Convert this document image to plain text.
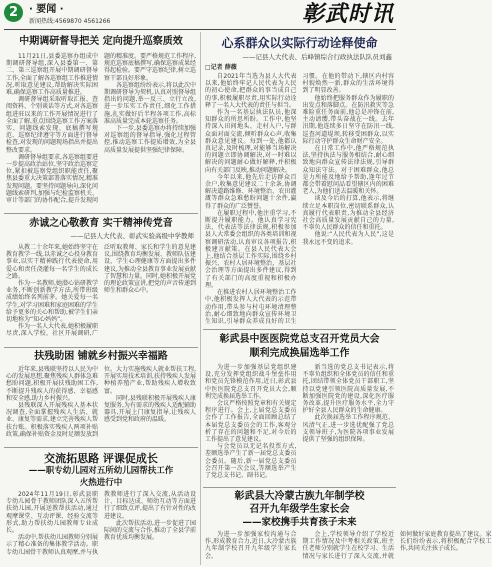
2	· 要闻 ·
新闻热线:4569870 4561266	彰武时讯
中期调研督导把关 定向提升巡察质效

11月21日,县委巡察办组成中期调研督导组,深入县委第一、第二、第三巡察组开展中期调研督导工作,全面了解各巡察组工作推进情况,听取意见建议,帮助解决实际困难,确保巡察工作高质量推进。

调研督导组采取听取汇报、查阅资料、个别谈话等方式,对各巡察组进驻以来的工作开展情况进行了全面了解,重点围绕巡察工作方案落实、问题线索发现、底稿撰写规范、巡察纪律遵守等方面进行督导检查,对发现的问题现场指出并提出整改要求。

调研督导组要求,各巡察组要进一步提高政治站位,坚守政治巡察定位,紧扣被巡察党组织职能责任,聚焦县委重大决策部署落实情况,精准发现问题。要坚持问题导向,深化问题线索研判,加强与纪检监察机关、审计等部门的协作配合,提升发现问题的精准度。要严格规范工作程序,规范巡察底稿撰写,确保巡察成果经得起检验。要严守巡察纪律,树立巡察干部良好形象。

各巡察组纷纷表示,将以此次中期调研督导为契机,认真对照督导组指出的问题,举一反三、立行立改,进一步压实工作责任,细化工作措施,扎实做好后半程各项工作,高标准高质量完成本轮巡察任务。

下一步,县委巡察办将持续加强对巡察组的督导指导,强化过程管控,推动巡察工作提质增效,为全县高质量发展提供坚强纪律保障。

心系群众以实际行动诠释使命
——记县人大代表、后峰镇综合行政执法队队员刘鑫
□记者 薛薇

自2021年当选为县人大代表以来,他始终牢记人民代表为人民的初心使命,把群众的事当成自己的事,积极履职尽责,用实际行动诠释了一名人大代表的责任与担当。

作为一名基层执法队员,他深知群众的所思所盼。工作中,他坚持深入田间地头、走村入户,与群众面对面交流,倾听群众心声,收集群众意见建议。每到一处,他都认真记录,及时梳理,对能够当场解决的问题立即协调解决,对一时难以解决的问题耐心做好解释,并积极向有关部门反映,推动问题解决。

今年以来,他先后走访群众百余户,收集意见建议二十余条,协调解决道路维修、环境整治、农田灌溉等群众急难愁盼问题十余件,赢得了群众的广泛赞誉。

在履职过程中,他注重学习,不断提升履职能力。他认真学习宪法、代表法等法律法规,积极参加县人大常委会组织的各类培训和视察调研活动,认真审议各项报告,积极建言献策。在县人民代表大会上,他结合基层工作实际,围绕乡村振兴、农村人居环境整治、基层社会治理等方面提出多件建议,得到了有关部门的高度重视和积极办理。

在推进农村人居环境整治工作中,他积极发挥人大代表的示范带动作用,带头参与村屯环境清理整治,耐心细致地向群众宣传环境卫生知识,引导群众养成良好的卫生习惯。在他的带动下,辖区内村容村貌焕然一新,群众的生活环境得到了明显改善。

他始终把服务群众作为履职的出发点和落脚点。在防汛救灾等急难险重任务面前,他总是冲锋在前,主动请缨,带头奋战在一线。去年汛期,他连续多日坚守在防汛一线,巡查河道堤坝,转移受困群众,以实际行动守护群众生命财产安全。

在日常工作中,他严格规范执法,坚持执法与服务相结合,耐心细致地向群众宣传法律法规,引导群众知法守法。对于困难群众,他总是力所能及地给予帮助,逢年过节都会带着慰问品看望辖区内的困难老人,为他们送去温暖和关怀。

谈及今后的打算,他表示,将继续立足本职岗位,密切联系群众,认真履行代表职责,为推动全县经济社会高质量发展贡献自己的力量,不辜负人民群众的信任和重托。

他说:“人民代表为人民”,这是我永远不变的追求。

赤诚之心敬教育 实干精神传党音
——记县人大代表、彰武实验高级中学教师

从教二十余年来,她始终坚守在教育教学一线,以赤诚之心投身教育事业,以实干精神践行代表使命,用爱心和责任浇灌每一名学生的成长之路。

作为一名教师,她潜心钻研教学业务,不断创新教学方法,所带班级成绩始终名列前茅。她关爱每一名学生,对学习困难和家庭困难的学生给予更多的关心和帮助,被学生们亲切地称为“知心妈妈”。

作为一名人大代表,她积极履职尽责,深入学校、社区开展调研,广泛听取教师、家长和学生的意见建议,围绕教育均衡发展、教师队伍建设、学生心理健康等方面提出多件建议,为推动全县教育事业发展贡献了智慧和力量。同时,她积极开展党的理论政策宣讲,把党的声音传递到师生和群众心中。

扶残助困 铺就乡村振兴幸福路

近年来,县残联坚持以人民为中心的发展思想,聚焦残疾人群体急难愁盼问题,积极开展扶残助困工作,不断提升残疾人的获得感、幸福感和安全感,助力乡村振兴。

县残联深入开展残疾人基本状况调查,全面掌握残疾人生活、就业、康复等需求,建立完善残疾人帮扶台账。积极落实残疾人两项补贴政策,确保补贴资金及时足额发放到位。大力实施残疾人就业帮扶工程,开展实用技术培训,扶持残疾人发展种植养殖产业,帮助残疾人增收致富。

同时,县残联积极开展残疾人康复服务,为有需求的残疾人适配辅助器具,开展上门康复指导,让残疾人感受到党和政府的温暖。

彰武县中医医院党总支召开党员大会
顺利完成换届选举工作

为进一步加强基层党组织建设,充分发挥党组织战斗堡垒作用和党员先锋模范作用,近日,彰武县中医医院党总支召开党员大会,顺利完成换届选举工作。

会议严格按照党章和有关规定程序进行。会上,上届党总支委员会作了工作报告,全面回顾总结了本届党总支委员会的工作,客观分析了存在的问题和不足,对今后的工作提出了意见建议。

与会党员以无记名投票方式,差额选举产生了新一届党总支委员会委员。随后,新一届党总支委员会召开第一次会议,等额选举产生了党总支书记、副书记。

新当选的党总支书记表示,将不辜负组织和全体党员的信任和重托,团结带领全体党员干部职工,坚持以党建引领医院高质量发展,不断加强医院党的建设,深化医疗服务改革,提升医疗服务水平,全力守护好全县人民群众的生命健康。

此次换届选举工作程序规范、风清气正,进一步选优配强了党总支领导班子,为医院各项事业发展提供了坚强的组织保障。

交流拓思路 评课促成长
——职专幼儿园对五所幼儿园帮扶工作
火热进行中

2024年11月19日,彰武县职专幼儿园骨干教师团队深入五所帮扶幼儿园,开展送教帮扶活动,通过观摩课堂、互动评课、经验交流等形式,助力帮扶幼儿园教师专业成长。

活动中,帮扶幼儿园教师分别展示了精心准备的集体教学活动。职专幼儿园骨干教师认真观摩,并与执教教师进行了深入交流,从活动设计、目标达成、师幼互动等方面进行了细致点评,提出了有针对性的改进建议。

此次帮扶活动,进一步促进了园际间的交流与合作,推动了全县学前教育优质均衡发展。

彰武县大冷蒙古族九年制学校
召开九年级学生家长会
——家校携手共育孩子未来

为进一步加强家校沟通与合作,形成教育合力,近日,大冷蒙古族九年制学校召开九年级学生家长会。

会上,学校领导介绍了学校近期工作情况及中考相关政策,班主任老师分别就学生在校学习、生活情况与家长进行了深入交流,并就如何做好家庭教育提出了建议。家长们纷纷表示,将积极配合学校工作,共同关注孩子成长。
